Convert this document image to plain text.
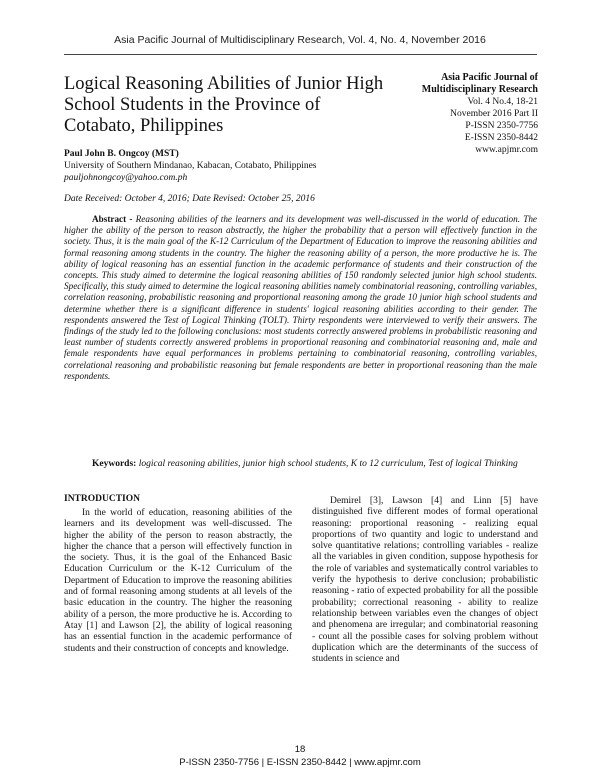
Asia Pacific Journal of Multidisciplinary Research, Vol. 4, No. 4, November 2016
Logical Reasoning Abilities of Junior High School Students in the Province of Cotabato, Philippines
Asia Pacific Journal of Multidisciplinary Research
Vol. 4 No.4, 18-21
November 2016 Part II
P-ISSN 2350-7756
E-ISSN 2350-8442
www.apjmr.com
Paul John B. Ongcoy (MST)
University of Southern Mindanao, Kabacan, Cotabato, Philippines
pauljohnongcoy@yahoo.com.ph
Date Received: October 4, 2016; Date Revised: October 25, 2016

Abstract - Reasoning abilities of the learners and its development was well-discussed in the world of education. The higher the ability of the person to reason abstractly, the higher the probability that a person will effectively function in the society. Thus, it is the main goal of the K-12 Curriculum of the Department of Education to improve the reasoning abilities and formal reasoning among students in the country. The higher the reasoning ability of a person, the more productive he is. The ability of logical reasoning has an essential function in the academic performance of students and their construction of the concepts. This study aimed to determine the logical reasoning abilities of 150 randomly selected junior high school students. Specifically, this study aimed to determine the logical reasoning abilities namely combinatorial reasoning, controlling variables, correlation reasoning, probabilistic reasoning and proportional reasoning among the grade 10 junior high school students and determine whether there is a significant difference in students' logical reasoning abilities according to their gender. The respondents answered the Test of Logical Thinking (TOLT). Thirty respondents were interviewed to verify their answers. The findings of the study led to the following conclusions: most students correctly answered problems in probabilistic reasoning and least number of students correctly answered problems in proportional reasoning and combinatorial reasoning and, male and female respondents have equal performances in problems pertaining to combinatorial reasoning, controlling variables, correlational reasoning and probabilistic reasoning but female respondents are better in proportional reasoning than the male respondents.

Keywords: logical reasoning abilities, junior high school students, K to 12 curriculum, Test of logical Thinking

INTRODUCTION

In the world of education, reasoning abilities of the learners and its development was well-discussed. The higher the ability of the person to reason abstractly, the higher the chance that a person will effectively function in the society. Thus, it is the goal of the Enhanced Basic Education Curriculum or the K-12 Curriculum of the Department of Education to improve the reasoning abilities and of formal reasoning among students at all levels of the basic education in the country. The higher the reasoning ability of a person, the more productive he is. According to Atay [1] and Lawson [2], the ability of logical reasoning has an essential function in the academic performance of students and their construction of concepts and knowledge.

Demirel [3], Lawson [4] and Linn [5] have distinguished five different modes of formal operational reasoning: proportional reasoning - realizing equal proportions of two quantity and logic to understand and solve quantitative relations; controlling variables - realize all the variables in given condition, suppose hypothesis for the role of variables and systematically control variables to verify the hypothesis to derive conclusion; probabilistic reasoning - ratio of expected probability for all the possible probability; correctional reasoning - ability to realize relationship between variables even the changes of object and phenomena are irregular; and combinatorial reasoning - count all the possible cases for solving problem without duplication which are the determinants of the success of students in science and

18
P-ISSN 2350-7756 | E-ISSN 2350-8442 | www.apjmr.com
